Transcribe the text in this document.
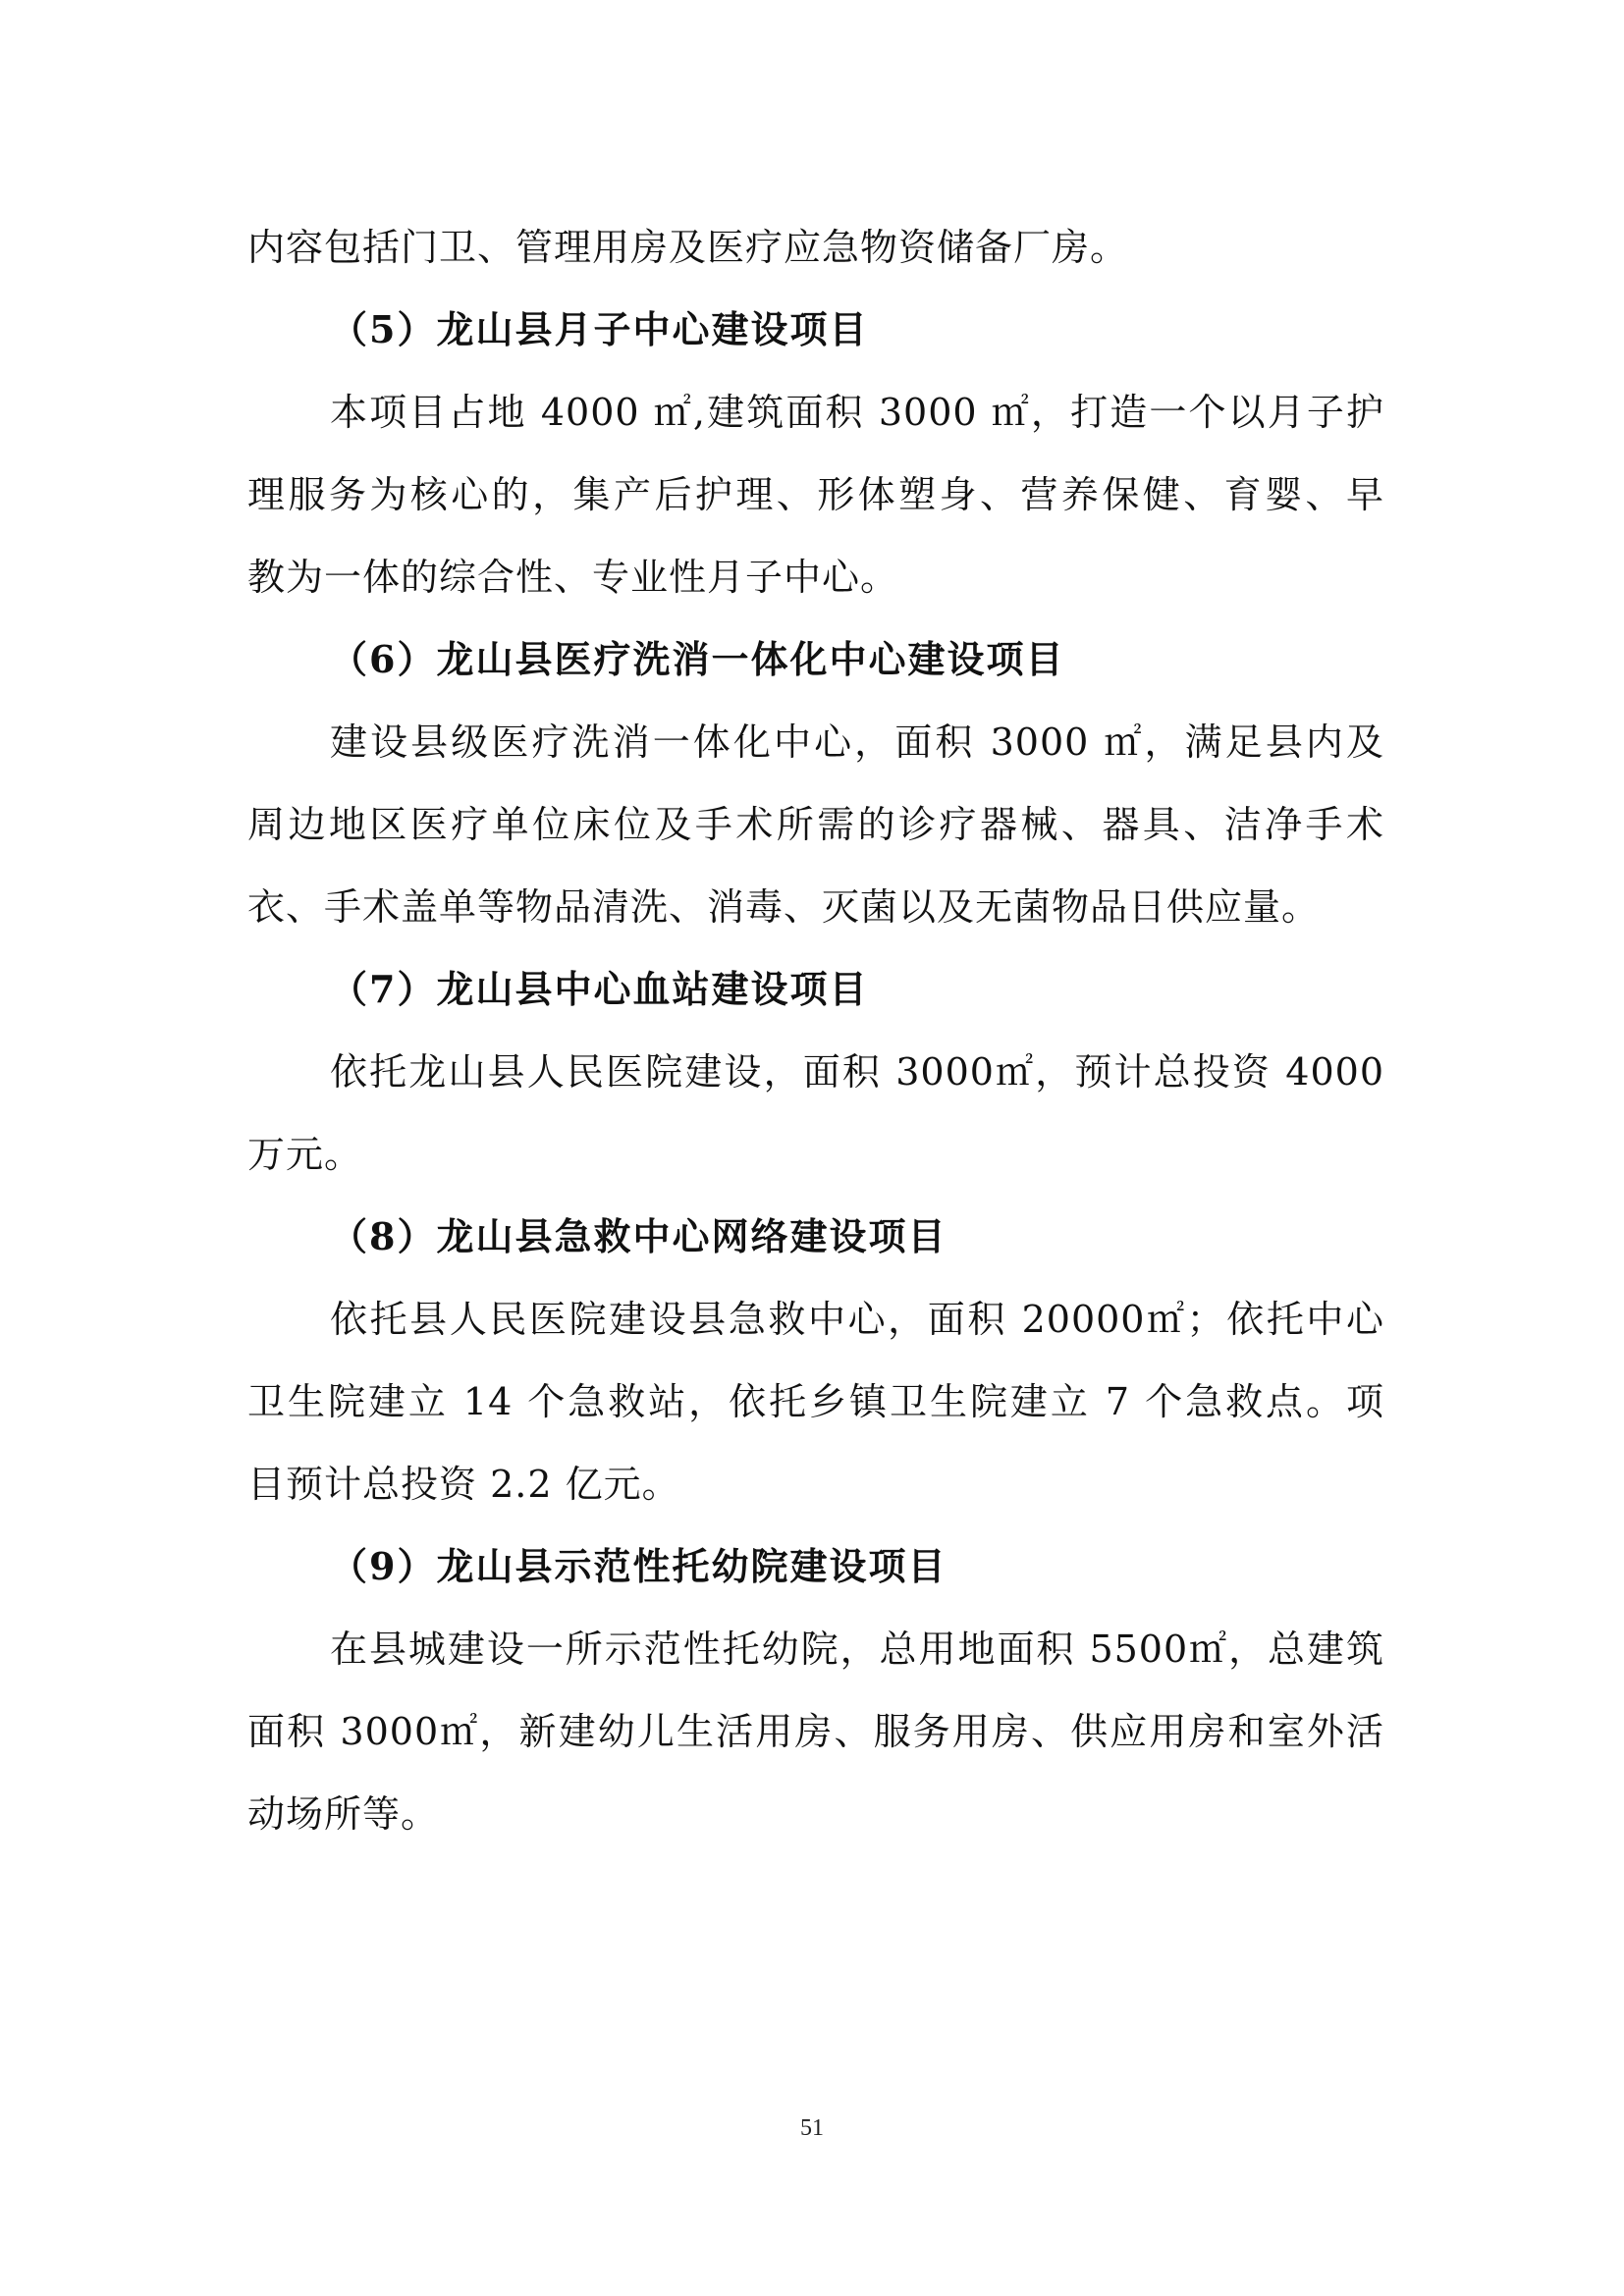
内容包括门卫、管理用房及医疗应急物资储备厂房。
（5）龙山县月子中心建设项目
本项目占地 4000 ㎡,建筑面积 3000 ㎡，打造一个以月子护
理服务为核心的，集产后护理、形体塑身、营养保健、育婴、早
教为一体的综合性、专业性月子中心。
（6）龙山县医疗洗消一体化中心建设项目
建设县级医疗洗消一体化中心，面积 3000 ㎡，满足县内及
周边地区医疗单位床位及手术所需的诊疗器械、器具、洁净手术
衣、手术盖单等物品清洗、消毒、灭菌以及无菌物品日供应量。
（7）龙山县中心血站建设项目
依托龙山县人民医院建设，面积 3000㎡，预计总投资 4000
万元。
（8）龙山县急救中心网络建设项目
依托县人民医院建设县急救中心，面积 20000㎡；依托中心
卫生院建立 14 个急救站，依托乡镇卫生院建立 7 个急救点。项
目预计总投资 2.2 亿元。
（9）龙山县示范性托幼院建设项目
在县城建设一所示范性托幼院，总用地面积 5500㎡，总建筑
面积 3000㎡，新建幼儿生活用房、服务用房、供应用房和室外活
动场所等。
51
